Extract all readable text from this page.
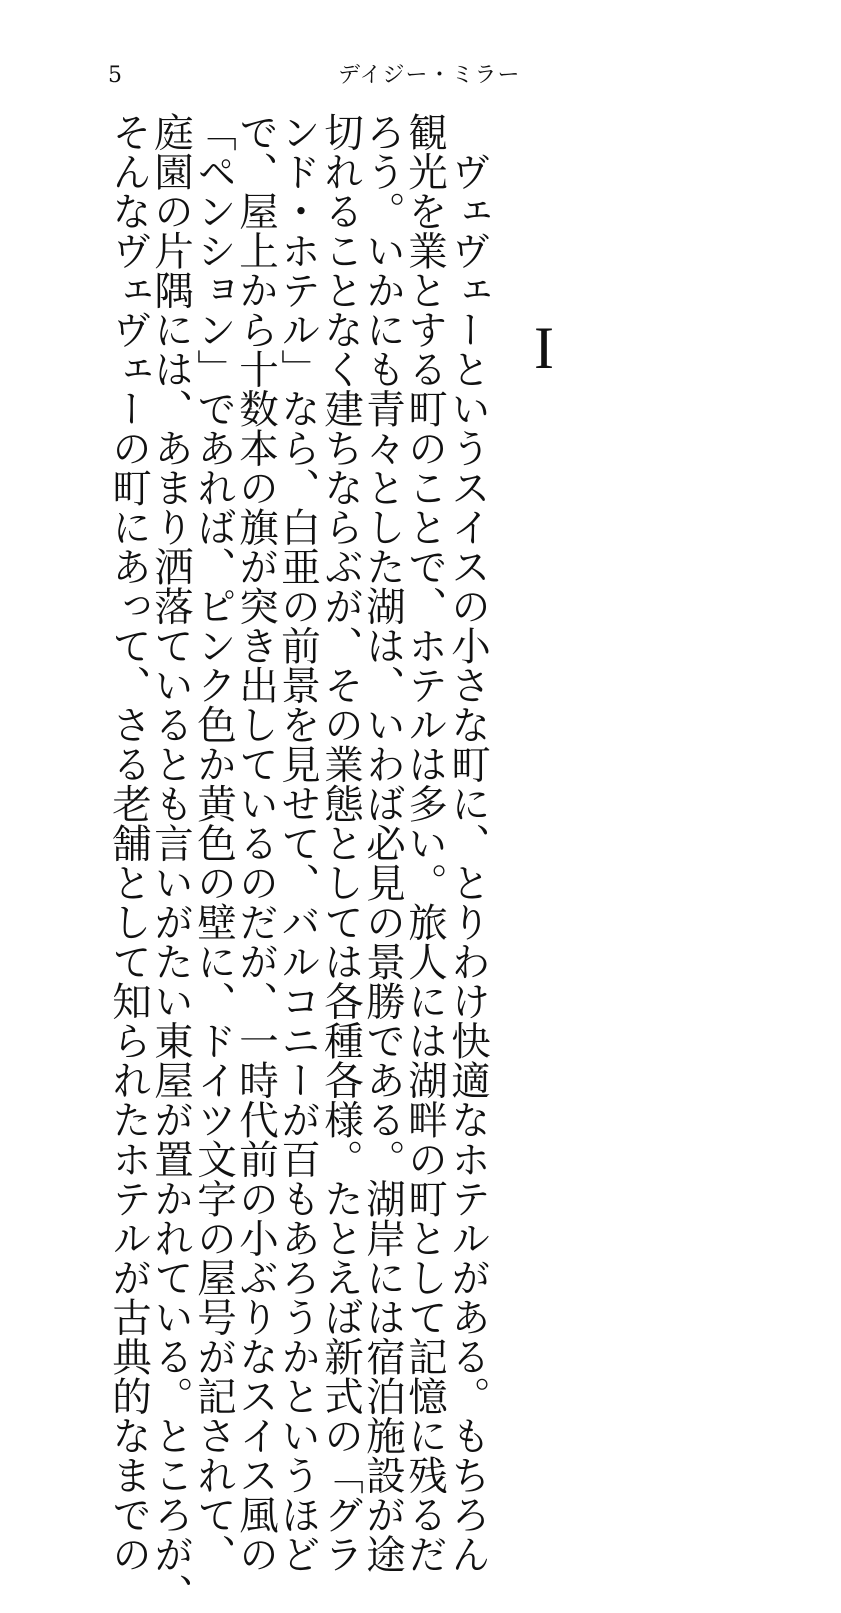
5	デイジー・ミラー
I
　ヴェヴェーというスイスの小さな町に、とりわけ快適なホテルがある。もちろん
観光を業とする町のことで、ホテルは多い。旅人には湖畔の町として記憶に残るだ
ろう。いかにも青々とした湖は、いわば必見の景勝である。湖岸には宿泊施設が途
切れることなく建ちならぶが、その業態としては各種各様。たとえば新式の「グラ
ンド・ホテル」なら、白亜の前景を見せて、バルコニーが百もあろうかというほど
で、屋上から十数本の旗が突き出しているのだが、一時代前の小ぶりなスイス風の
「ペンション」であれば、ピンク色か黄色の壁に、ドイツ文字の屋号が記されて、
庭園の片隅には、あまり洒落ているとも言いがたい東屋が置かれている。ところが、
そんなヴェヴェーの町にあって、さる老舗として知られたホテルが古典的なまでの
